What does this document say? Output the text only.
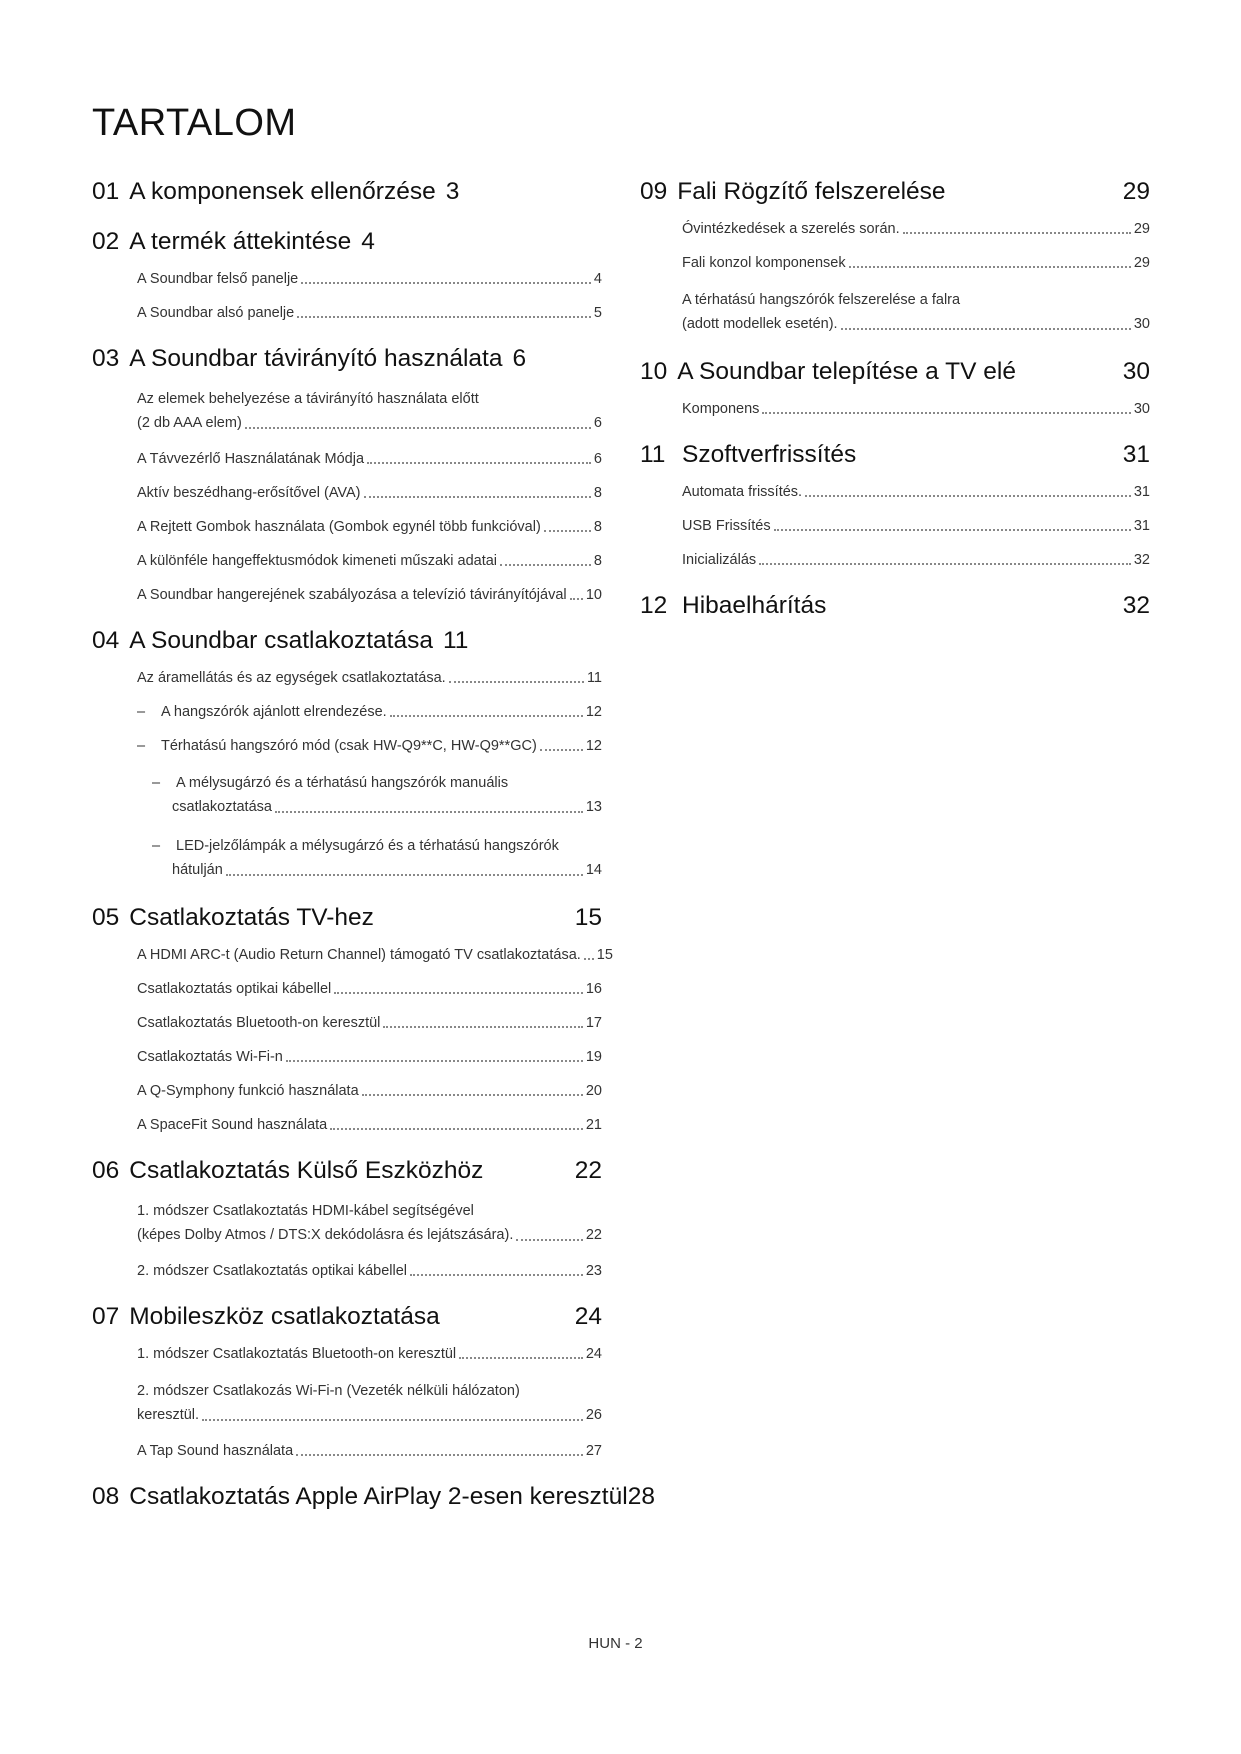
TARTALOM
01 A komponensek ellenőrzése 3
02 A termék áttekintése 4
A Soundbar felső panelje	4
A Soundbar alsó panelje	5
03 A Soundbar távirányító használata 6
Az elemek behelyezése a távirányító használata előtt
(2 db AAA elem)	6
A Távvezérlő Használatának Módja	6
Aktív beszédhang-erősítővel (AVA)	8
A Rejtett Gombok használata (Gombok egynél több funkcióval)	8
A különféle hangeffektusmódok kimeneti műszaki adatai	8
A Soundbar hangerejének szabályozása a televízió távirányítójával 10
04 A Soundbar csatlakoztatása 11
Az áramellátás és az egységek csatlakoztatása.	11
–	A hangszórók ajánlott elrendezése.	12
–	Térhatású hangszóró mód (csak HW-Q9**C, HW-Q9**GC)	12
– A mélysugárzó és a térhatású hangszórók manuális
csatlakoztatása	13
– LED-jelzőlámpák a mélysugárzó és a térhatású hangszórók
hátulján	14
05 Csatlakoztatás TV-hez	15
A HDMI ARC-t (Audio Return Channel) támogató TV csatlakoztatása. 15
Csatlakoztatás optikai kábellel	16
Csatlakoztatás Bluetooth-on keresztül	17
Csatlakoztatás Wi-Fi-n	19
A Q-Symphony funkció használata	20
A SpaceFit Sound használata	21
06 Csatlakoztatás Külső Eszközhöz	22
1. módszer Csatlakoztatás HDMI-kábel segítségével
(képes Dolby Atmos / DTS:X dekódolásra és lejátszására).	22
2. módszer Csatlakoztatás optikai kábellel	23
07 Mobileszköz csatlakoztatása	24
1. módszer Csatlakoztatás Bluetooth-on keresztül	24
2. módszer Csatlakozás Wi-Fi-n (Vezeték nélküli hálózaton)
keresztül.	26
A Tap Sound használata	27
08 Csatlakoztatás Apple AirPlay 2-esen keresztül 28
09 Fali Rögzítő felszerelése	29
Óvintézkedések a szerelés során.	29
Fali konzol komponensek	29
A térhatású hangszórók felszerelése a falra
(adott modellek esetén).	30
10 A Soundbar telepítése a TV elé	30
Komponens	30
11 Szoftverfrissítés	31
Automata frissítés.	31
USB Frissítés	31
Inicializálás	32
12 Hibaelhárítás	32
HUN - 2
